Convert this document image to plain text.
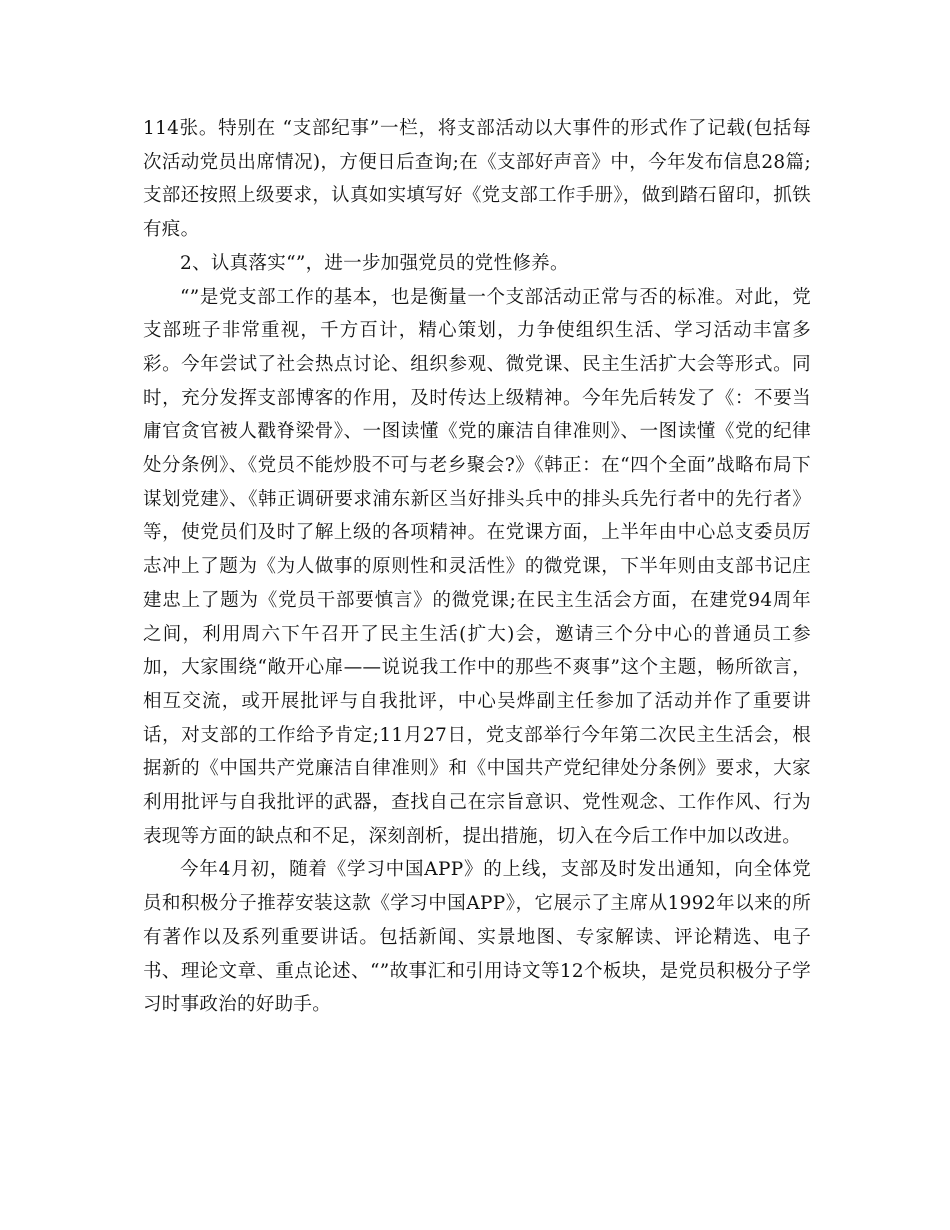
114张。特别在 “支部纪事”一栏，将支部活动以大事件的形式作了记载(包括每次活动党员出席情况)，方便日后查询;在《支部好声音》中，今年发布信息28篇;支部还按照上级要求，认真如实填写好《党支部工作手册》，做到踏石留印，抓铁有痕。

2、认真落实“”，进一步加强党员的党性修养。

“”是党支部工作的基本，也是衡量一个支部活动正常与否的标准。对此，党支部班子非常重视，千方百计，精心策划，力争使组织生活、学习活动丰富多彩。今年尝试了社会热点讨论、组织参观、微党课、民主生活扩大会等形式。同时，充分发挥支部博客的作用，及时传达上级精神。今年先后转发了《：不要当庸官贪官被人戳脊梁骨》、一图读懂《党的廉洁自律准则》、一图读懂《党的纪律处分条例》、《党员不能炒股不可与老乡聚会?》《韩正：在“四个全面”战略布局下谋划党建》、《韩正调研要求浦东新区当好排头兵中的排头兵先行者中的先行者》等，使党员们及时了解上级的各项精神。在党课方面，上半年由中心总支委员厉志冲上了题为《为人做事的原则性和灵活性》的微党课，下半年则由支部书记庄建忠上了题为《党员干部要慎言》的微党课;在民主生活会方面，在建党94周年之间，利用周六下午召开了民主生活(扩大)会，邀请三个分中心的普通员工参加，大家围绕“敞开心扉——说说我工作中的那些不爽事”这个主题，畅所欲言，相互交流，或开展批评与自我批评，中心吴烨副主任参加了活动并作了重要讲话，对支部的工作给予肯定;11月27日，党支部举行今年第二次民主生活会，根据新的《中国共产党廉洁自律准则》和《中国共产党纪律处分条例》要求，大家利用批评与自我批评的武器，查找自己在宗旨意识、党性观念、工作作风、行为表现等方面的缺点和不足，深刻剖析，提出措施，切入在今后工作中加以改进。

今年4月初，随着《学习中国APP》的上线，支部及时发出通知，向全体党员和积极分子推荐安装这款《学习中国APP》，它展示了主席从1992年以来的所有著作以及系列重要讲话。包括新闻、实景地图、专家解读、评论精选、电子书、理论文章、重点论述、“”故事汇和引用诗文等12个板块，是党员积极分子学习时事政治的好助手。
